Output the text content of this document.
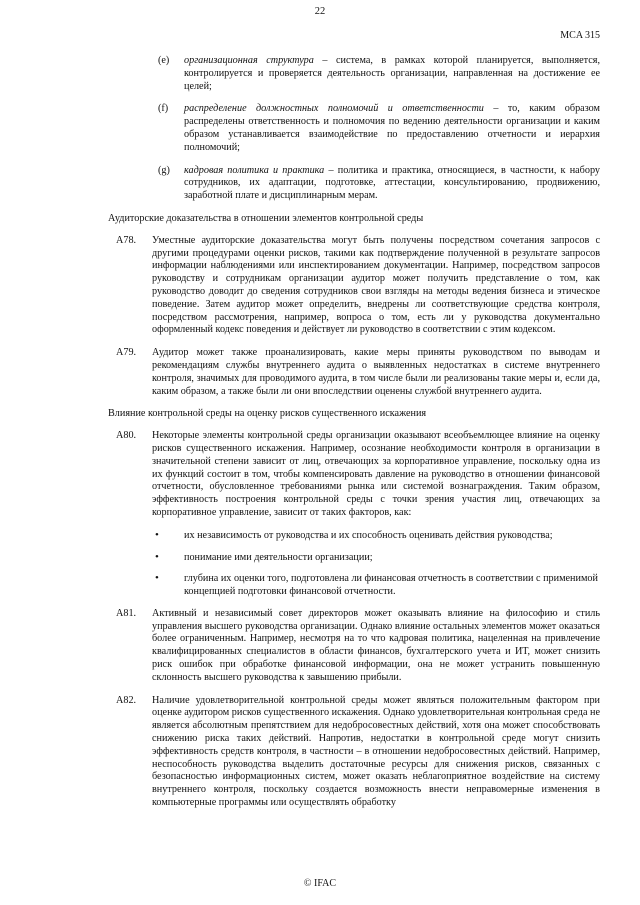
22
MCA 315
(e) организационная структура – система, в рамках которой планируется, выполняется, контролируется и проверяется деятельность организации, направленная на достижение ее целей;
(f) распределение должностных полномочий и ответственности – то, каким образом распределены ответственность и полномочия по ведению деятельности организации и каким образом устанавливается взаимодействие по предоставлению отчетности и иерархия полномочий;
(g) кадровая политика и практика – политика и практика, относящиеся, в частности, к набору сотрудников, их адаптации, подготовке, аттестации, консультированию, продвижению, заработной плате и дисциплинарным мерам.
Аудиторские доказательства в отношении элементов контрольной среды
A78. Уместные аудиторские доказательства могут быть получены посредством сочетания запросов с другими процедурами оценки рисков, такими как подтверждение полученной в результате запросов информации наблюдениями или инспектированием документации. Например, посредством запросов руководству и сотрудникам организации аудитор может получить представление о том, как руководство доводит до сведения сотрудников свои взгляды на методы ведения бизнеса и этическое поведение. Затем аудитор может определить, внедрены ли соответствующие средства контроля, посредством рассмотрения, например, вопроса о том, есть ли у руководства документально оформленный кодекс поведения и действует ли руководство в соответствии с этим кодексом.
A79. Аудитор может также проанализировать, какие меры приняты руководством по выводам и рекомендациям службы внутреннего аудита о выявленных недостатках в системе внутреннего контроля, значимых для проводимого аудита, в том числе были ли реализованы такие меры и, если да, каким образом, а также были ли они впоследствии оценены службой внутреннего аудита.
Влияние контрольной среды на оценку рисков существенного искажения
A80. Некоторые элементы контрольной среды организации оказывают всеобъемлющее влияние на оценку рисков существенного искажения. Например, осознание необходимости контроля в организации в значительной степени зависит от лиц, отвечающих за корпоративное управление, поскольку одна из их функций состоит в том, чтобы компенсировать давление на руководство в отношении финансовой отчетности, обусловленное требованиями рынка или системой вознаграждения. Таким образом, эффективность построения контрольной среды с точки зрения участия лиц, отвечающих за корпоративное управление, зависит от таких факторов, как:
• их независимость от руководства и их способность оценивать действия руководства;
• понимание ими деятельности организации;
• глубина их оценки того, подготовлена ли финансовая отчетность в соответствии с применимой концепцией подготовки финансовой отчетности.
A81. Активный и независимый совет директоров может оказывать влияние на философию и стиль управления высшего руководства организации. Однако влияние остальных элементов может оказаться более ограниченным. Например, несмотря на то что кадровая политика, нацеленная на привлечение квалифицированных специалистов в области финансов, бухгалтерского учета и ИТ, может снизить риск ошибок при обработке финансовой информации, она не может устранить повышенную склонность высшего руководства к завышению прибыли.
A82. Наличие удовлетворительной контрольной среды может являться положительным фактором при оценке аудитором рисков существенного искажения. Однако удовлетворительная контрольная среда не является абсолютным препятствием для недобросовестных действий, хотя она может способствовать снижению риска таких действий. Напротив, недостатки в контрольной среде могут снизить эффективность средств контроля, в частности – в отношении недобросовестных действий. Например, неспособность руководства выделить достаточные ресурсы для снижения рисков, связанных с безопасностью информационных систем, может оказать неблагоприятное воздействие на систему внутреннего контроля, поскольку создается возможность внести неправомерные изменения в компьютерные программы или осуществлять обработку
© IFAC
